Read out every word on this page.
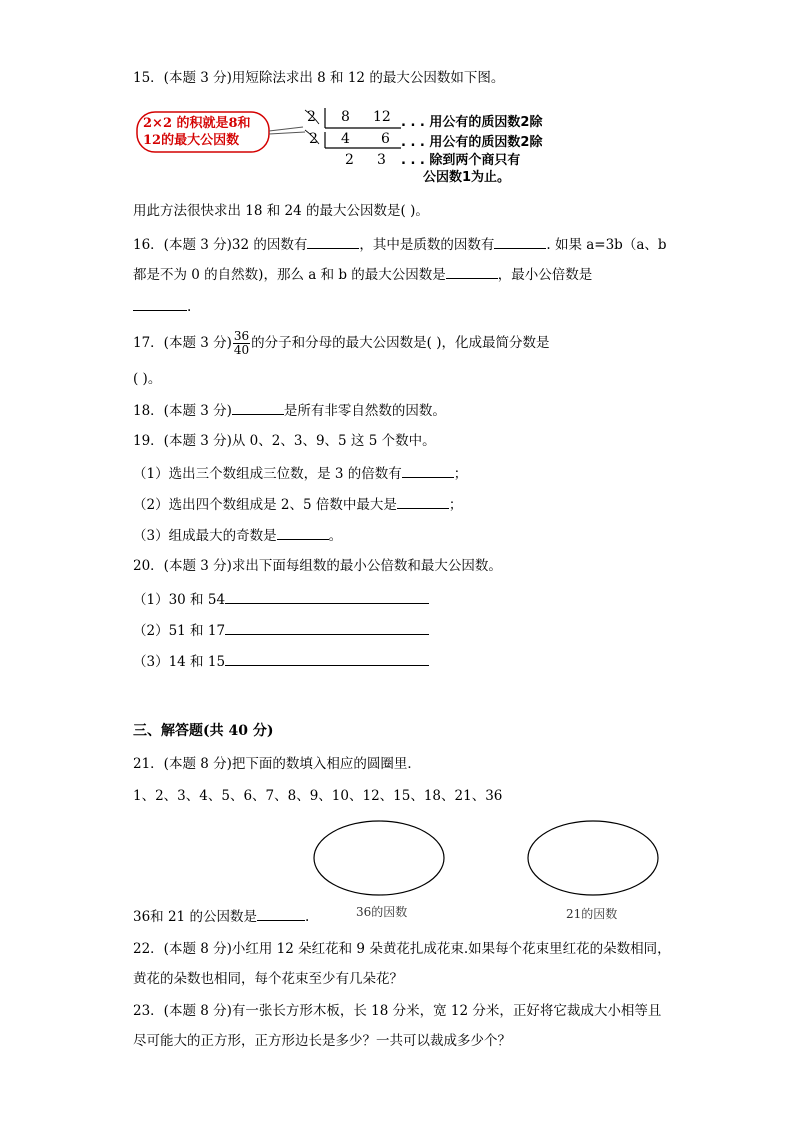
15．(本题 3 分)用短除法求出 8 和 12 的最大公因数如下图。
2×2 的积就是8和
12的最大公因数
2
2
8 12
4 6
2 3
. . . 用公有的质因数2除
. . . 用公有的质因数2除
. . . 除到两个商只有
公因数1为止。
用此方法很快求出 18 和 24 的最大公因数是( )。
16．(本题 3 分)32 的因数有	，其中是质数的因数有	. 如果 a=3b（a、b
都是不为 0 的自然数)，那么 a 和 b 的最大公因数是	，最小公倍数是
.
17．(本题 3 分) $\frac{36}{40}$ 的分子和分母的最大公因数是( )，化成最简分数是
( )。
18．(本题 3 分)	是所有非零自然数的因数。
19．(本题 3 分)从 0、2、3、9、5 这 5 个数中。
（1）选出三个数组成三位数，是 3 的倍数有	；
（2）选出四个数组成是 2、5 倍数中最大是	；
（3）组成最大的奇数是	。
20．(本题 3 分)求出下面每组数的最小公倍数和最大公因数。
（1）30 和 54
（2）51 和 17
（3）14 和 15
三、解答题(共 40 分)
21．(本题 8 分)把下面的数填入相应的圆圈里．
1、2、3、4、5、6、7、8、9、10、12、15、18、21、36
36和 21 的公因数是	.	36的因数	21的因数
22．(本题 8 分)小红用 12 朵红花和 9 朵黄花扎成花束.如果每个花束里红花的朵数相同，
黄花的朵数也相同，每个花束至少有几朵花？
23．(本题 8 分)有一张长方形木板，长 18 分米，宽 12 分米，正好将它裁成大小相等且
尽可能大的正方形，正方形边长是多少？一共可以裁成多少个？
